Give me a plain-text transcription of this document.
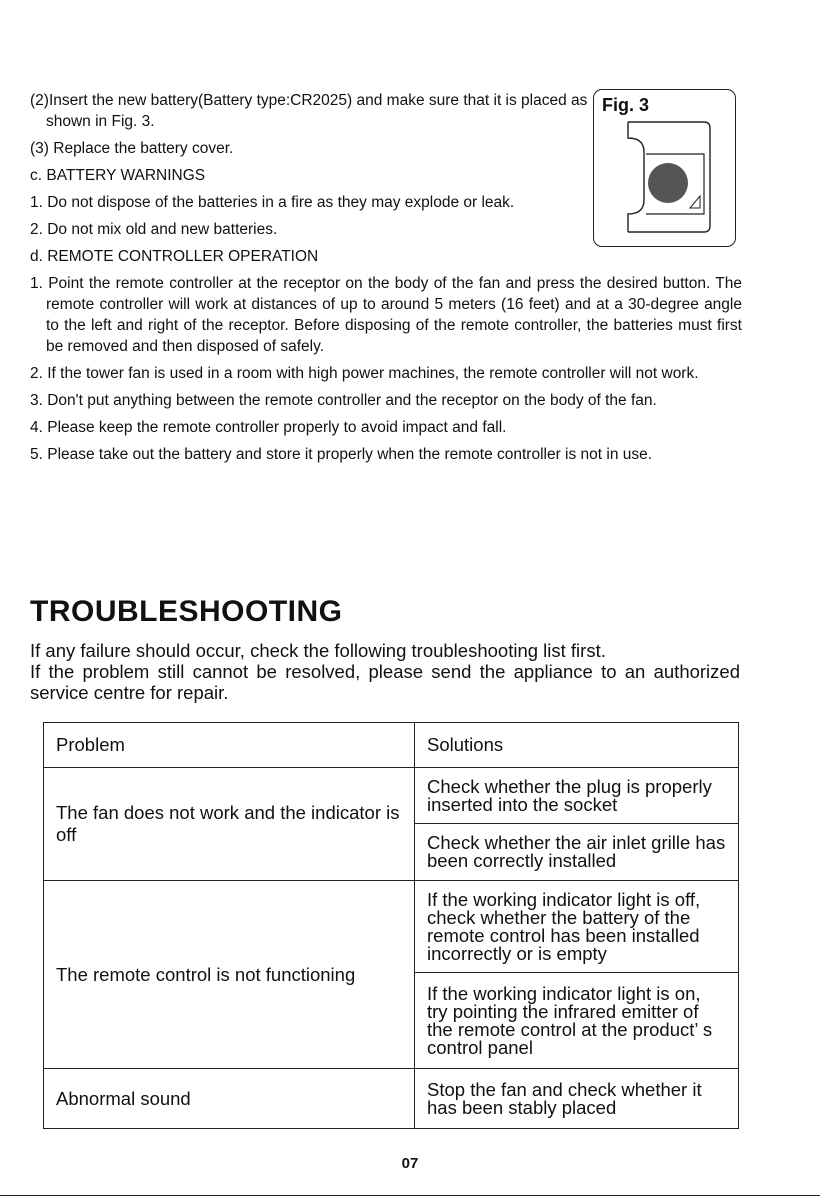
(2)Insert the new battery(Battery type:CR2025) and make sure that it is placed as shown in Fig. 3.

(3) Replace the battery cover.

c. BATTERY WARNINGS

1. Do not dispose of the batteries in a fire as they may explode or leak.

2. Do not mix old and new batteries.

d. REMOTE CONTROLLER OPERATION

1. Point the remote controller at the receptor on the body of the fan and press the desired button. The remote controller will work at distances of up to around 5 meters (16 feet) and at a 30-degree angle to the left and right of the receptor. Before disposing of the remote controller, the batteries must first be removed and then disposed of safely.

2. If the tower fan is used in a room with high power machines, the remote controller will not work.

3. Don't put anything between the remote controller and the receptor on the body of the fan.

4. Please keep the remote controller properly to avoid impact and fall.

5. Please take out the battery and store it properly when the remote controller is not in use.

Fig. 3
TROUBLESHOOTING

If any failure should occur, check the following troubleshooting list first.

If the problem still cannot be resolved, please send the appliance to an authorized service centre for repair.

Problem	Solutions
The fan does not work and the indicator is off	Check whether the plug is properly inserted into the socket
	Check whether the air inlet grille has been correctly installed
The remote control is not functioning	If the working indicator light is off, check whether the battery of the remote control has been installed incorrectly or is empty
	If the working indicator light is on, try pointing the infrared emitter of the remote control at the product’ s control panel
Abnormal sound	Stop the fan and check whether it has been stably placed
07
